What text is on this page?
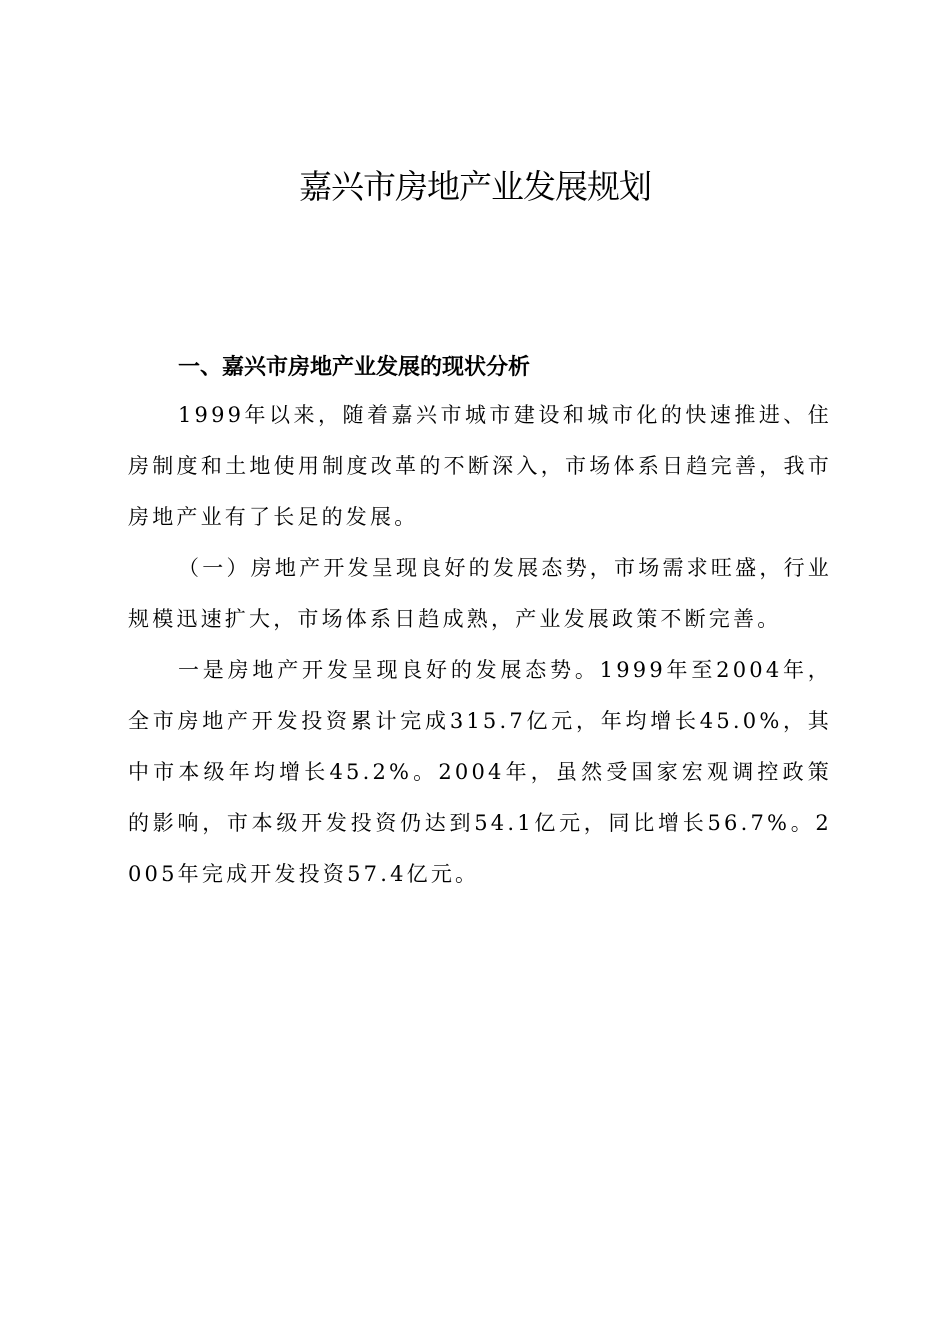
嘉兴市房地产业发展规划
一、嘉兴市房地产业发展的现状分析

1999年以来，随着嘉兴市城市建设和城市化的快速推进、住房制度和土地使用制度改革的不断深入，市场体系日趋完善，我市房地产业有了长足的发展。

（一）房地产开发呈现良好的发展态势，市场需求旺盛，行业规模迅速扩大，市场体系日趋成熟，产业发展政策不断完善。

一是房地产开发呈现良好的发展态势。1999年至2004年，全市房地产开发投资累计完成315.7亿元，年均增长45.0%，其中市本级年均增长45.2%。2004年，虽然受国家宏观调控政策的影响，市本级开发投资仍达到54.1亿元，同比增长56.7%。2005年完成开发投资57.4亿元。
